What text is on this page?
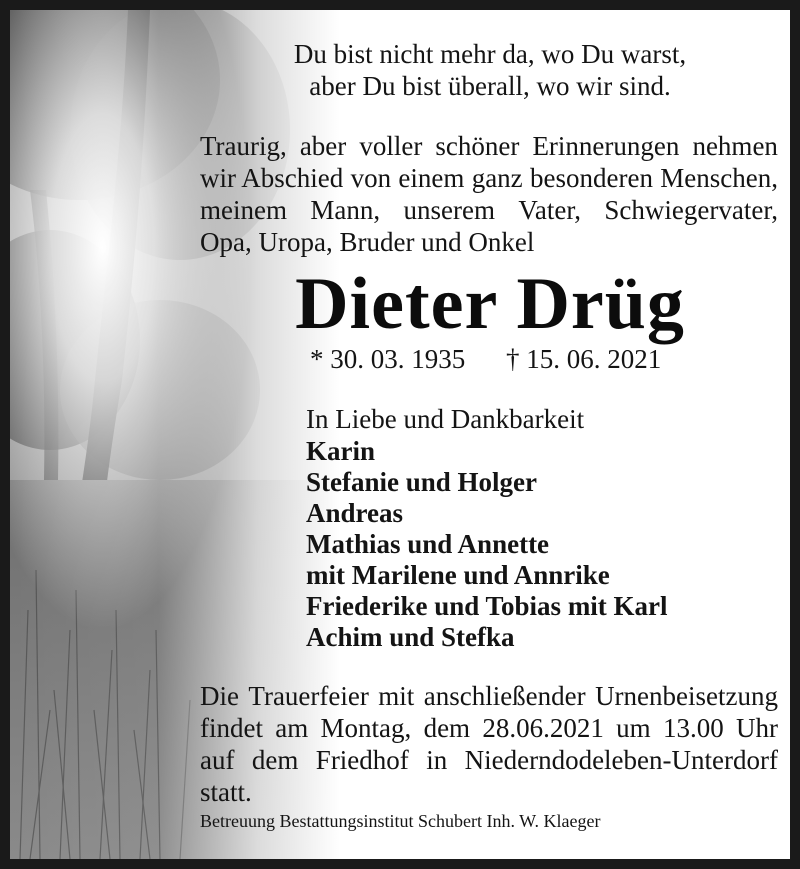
Du bist nicht mehr da, wo Du warst,
aber Du bist überall, wo wir sind.
Traurig, aber voller schöner Erinnerungen nehmen
wir Abschied von einem ganz besonderen Menschen,
meinem Mann, unserem Vater, Schwiegervater,
Opa, Uropa, Bruder und Onkel
Dieter Drüg
* 30. 03. 1935 † 15. 06. 2021
In Liebe und Dankbarkeit
Karin
Stefanie und Holger
Andreas
Mathias und Annette
mit Marilene und Annrike
Friederike und Tobias mit Karl
Achim und Stefka
Die Trauerfeier mit anschließender Urnenbeisetzung
findet am Montag, dem 28.06.2021 um 13.00 Uhr
auf dem Friedhof in Niederndodeleben-Unterdorf
statt.
Betreuung Bestattungsinstitut Schubert Inh. W. Klaeger
